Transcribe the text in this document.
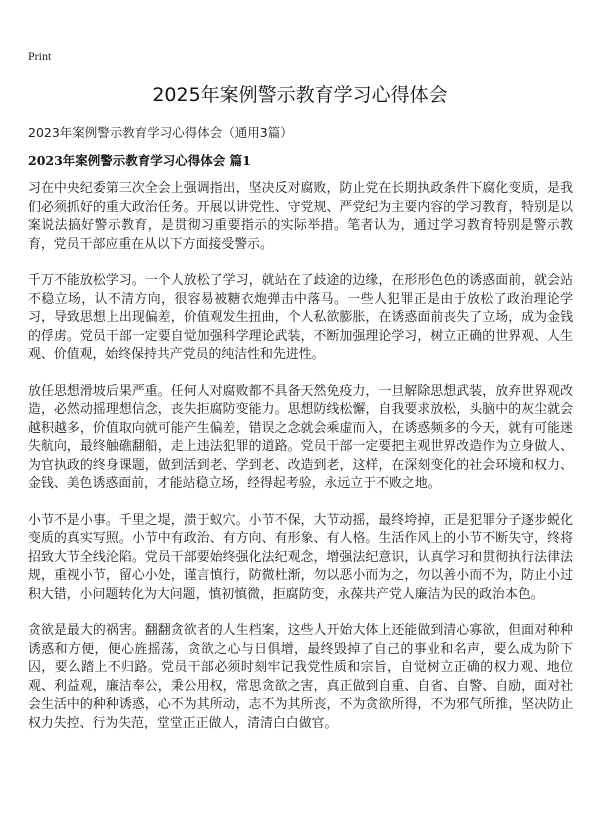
Print
2025年案例警示教育学习心得体会

2023年案例警示教育学习心得体会（通用3篇）

2023年案例警示教育学习心得体会 篇1

习在中央纪委第三次全会上强调指出，坚决反对腐败，防止党在长期执政条件下腐化变质，是我们必须抓好的重大政治任务。开展以讲党性、守党规、严党纪为主要内容的学习教育，特别是以案说法搞好警示教育，是贯彻习重要指示的实际举措。笔者认为，通过学习教育特别是警示教育，党员干部应重在从以下方面接受警示。

千万不能放松学习。一个人放松了学习，就站在了歧途的边缘，在形形色色的诱惑面前，就会站不稳立场，认不清方向，很容易被糖衣炮弹击中落马。一些人犯罪正是由于放松了政治理论学习，导致思想上出现偏差，价值观发生扭曲，个人私欲膨胀，在诱惑面前丧失了立场，成为金钱的俘虏。党员干部一定要自觉加强科学理论武装，不断加强理论学习，树立正确的世界观、人生观、价值观，始终保持共产党员的纯洁性和先进性。

放任思想滑坡后果严重。任何人对腐败都不具备天然免疫力，一旦解除思想武装，放弃世界观改造，必然动摇理想信念，丧失拒腐防变能力。思想防线松懈，自我要求放松，头脑中的灰尘就会越积越多，价值取向就可能产生偏差，错误之念就会乘虚而入，在诱惑频多的今天，就有可能迷失航向，最终触礁翻船，走上违法犯罪的道路。党员干部一定要把主观世界改造作为立身做人、为官执政的终身课题，做到活到老、学到老、改造到老，这样，在深刻变化的社会环境和权力、金钱、美色诱惑面前，才能站稳立场，经得起考验，永远立于不败之地。

小节不是小事。千里之堤，溃于蚁穴。小节不保，大节动摇，最终垮掉，正是犯罪分子逐步蜕化变质的真实写照。小节中有政治、有方向、有形象、有人格。生活作风上的小节不断失守，终将招致大节全线沦陷。党员干部要始终强化法纪观念，增强法纪意识，认真学习和贯彻执行法律法规，重视小节，留心小处，谨言慎行，防微杜渐，勿以恶小而为之，勿以善小而不为，防止小过积大错，小问题转化为大问题，慎初慎微，拒腐防变，永葆共产党人廉洁为民的政治本色。

贪欲是最大的祸害。翻翻贪欲者的人生档案，这些人开始大体上还能做到清心寡欲，但面对种种诱惑和方便，便心旌摇荡，贪欲之心与日俱增，最终毁掉了自己的事业和名声，要么成为阶下囚，要么踏上不归路。党员干部必须时刻牢记我党性质和宗旨，自觉树立正确的权力观、地位观、利益观，廉洁奉公，秉公用权，常思贪欲之害，真正做到自重、自省、自警、自励，面对社会生活中的种种诱惑，心不为其所动，志不为其所丧，不为贪欲所得，不为邪气所推，坚决防止权力失控、行为失范，堂堂正正做人，清清白白做官。
